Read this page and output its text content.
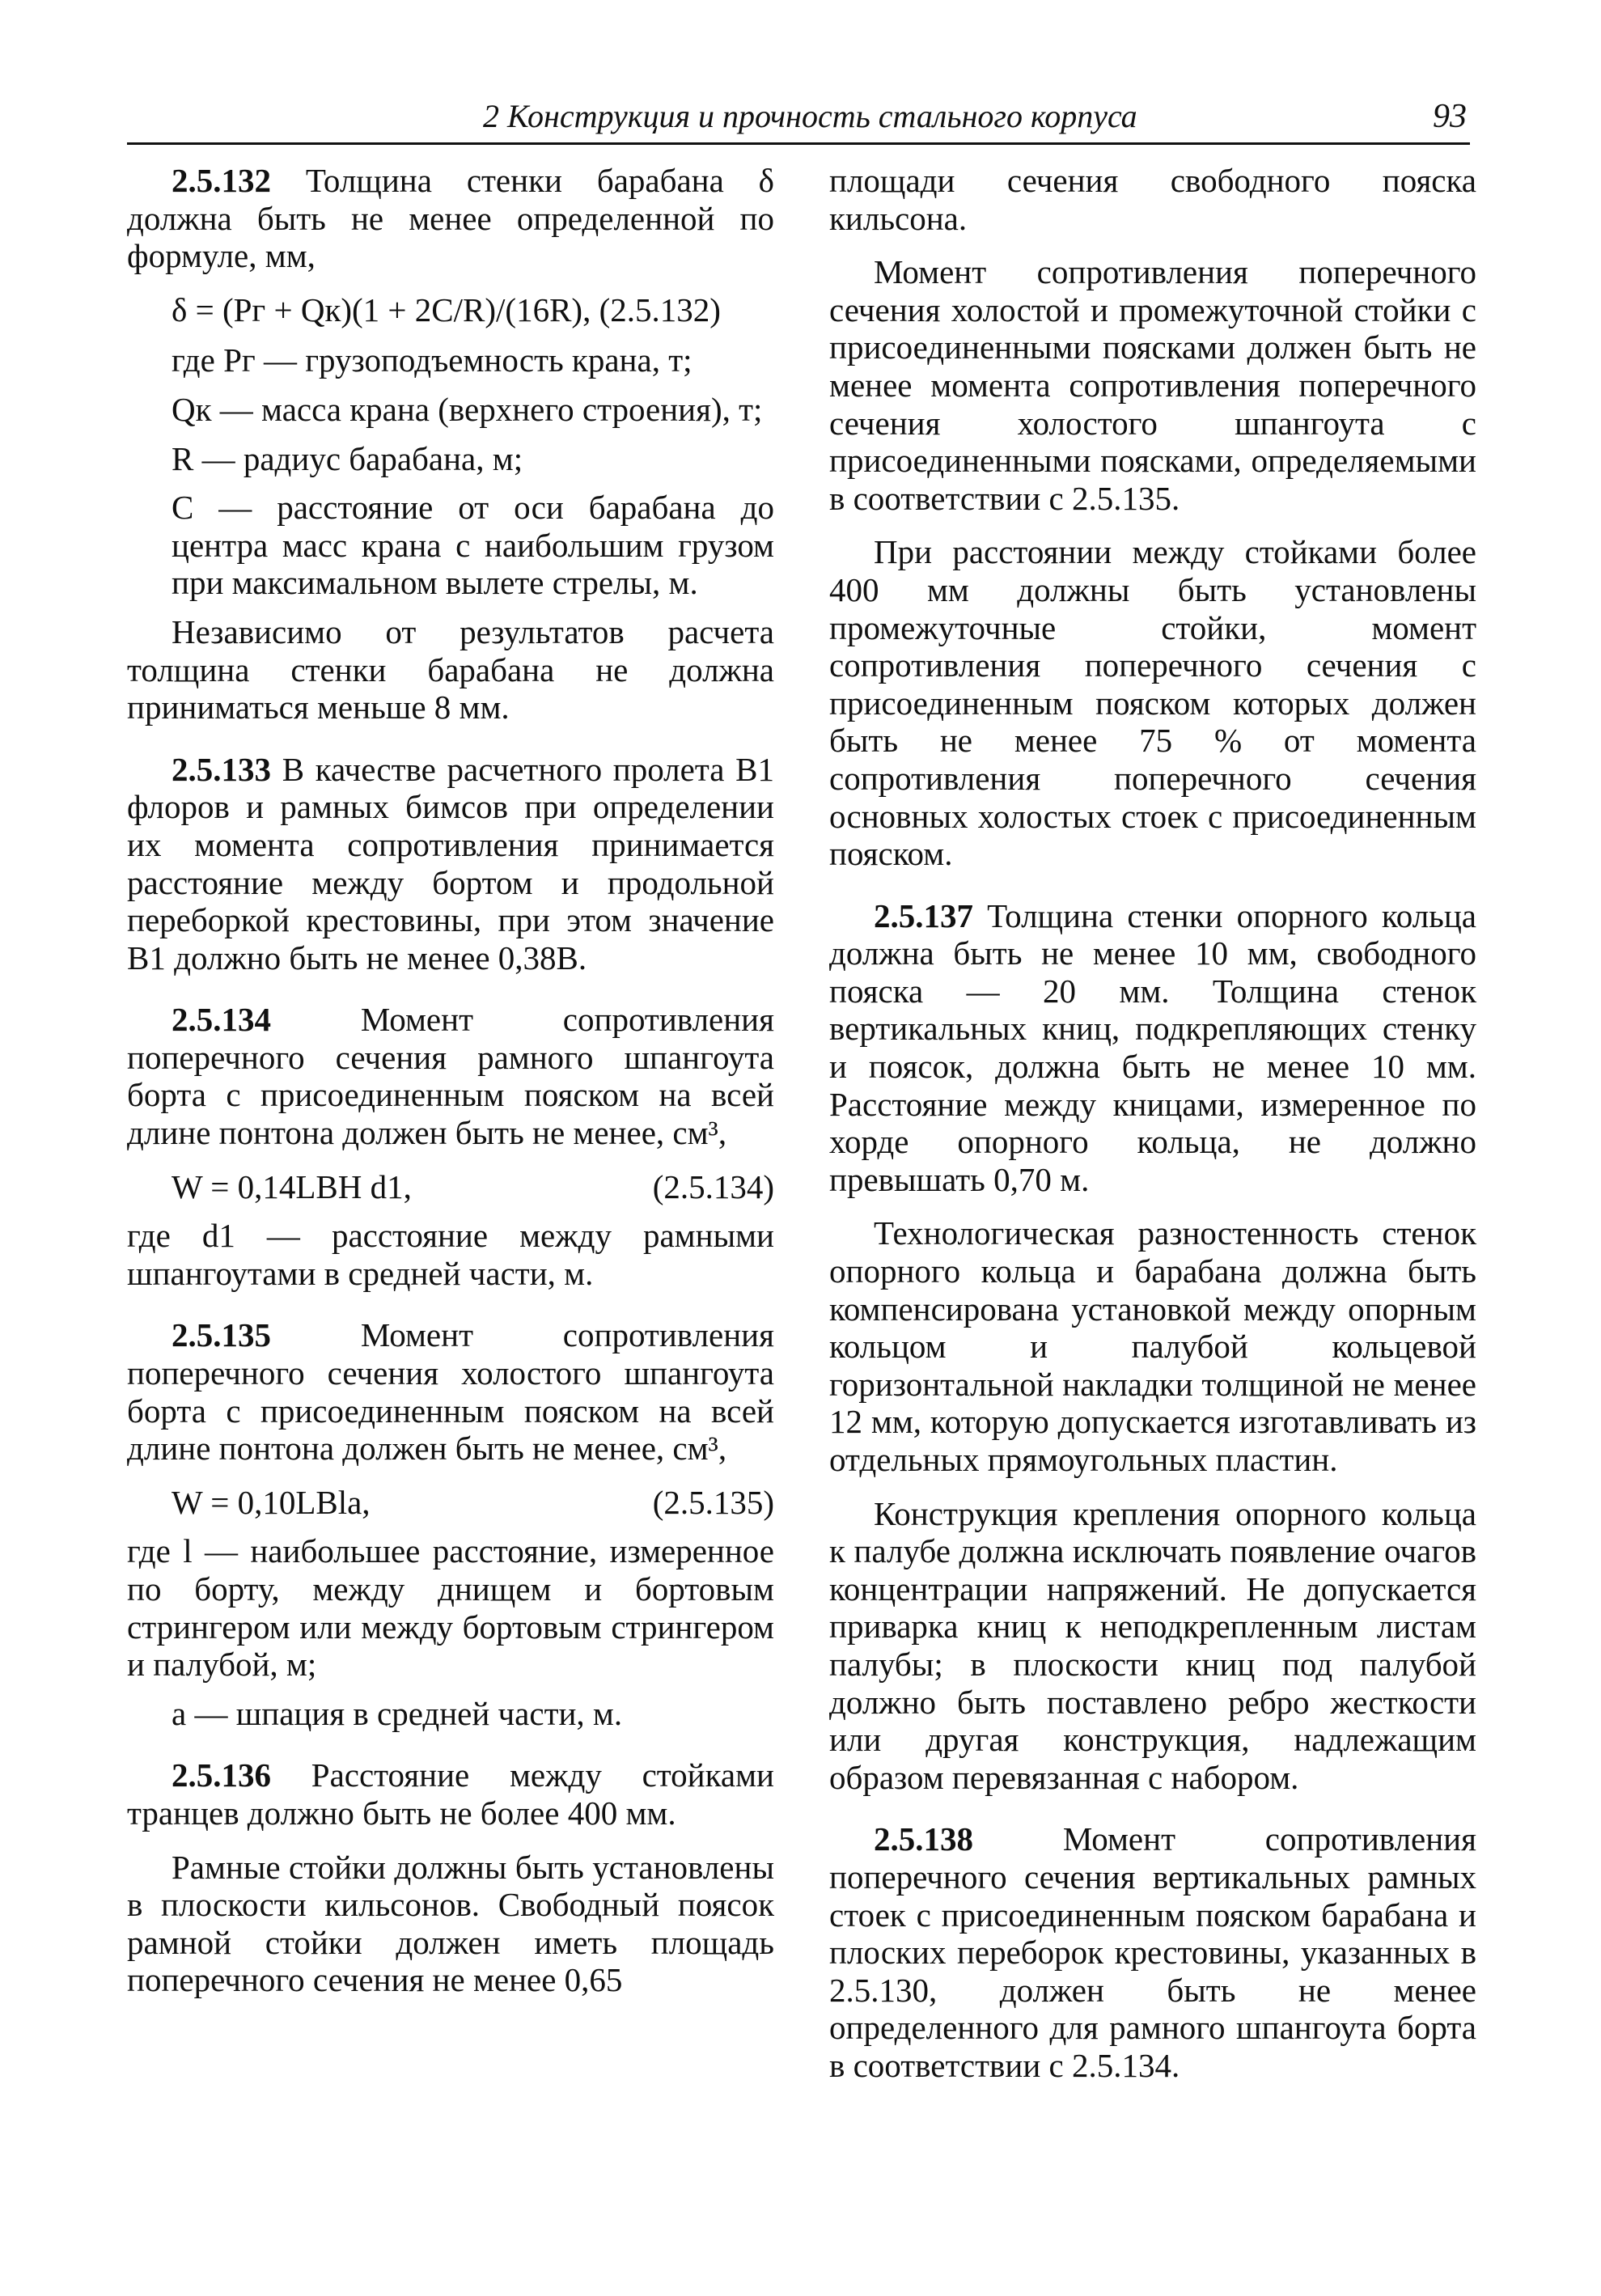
2 Конструкция и прочность стального корпуса	93

2.5.132 Толщина стенки барабана δ должна быть не менее определенной по формуле, мм,

δ = (Pг + Qк)(1 + 2C/R)/(16R), (2.5.132)

где Pг — грузоподъемность крана, т;

Qк — масса крана (верхнего строения), т;

R — радиус барабана, м;

C — расстояние от оси барабана до центра масс крана с наибольшим грузом при максимальном вылете стрелы, м.

Независимо от результатов расчета толщина стенки барабана не должна приниматься меньше 8 мм.

2.5.133 В качестве расчетного пролета B1 флоров и рамных бимсов при определении их момента сопротивления принимается расстояние между бортом и продольной переборкой крестовины, при этом значение B1 должно быть не менее 0,38B.

2.5.134 Момент сопротивления поперечного сечения рамного шпангоута борта с присоединенным пояском на всей длине понтона должен быть не менее, см³,

W = 0,14LBH d1,	(2.5.134)

где d1 — расстояние между рамными шпангоутами в средней части, м.

2.5.135 Момент сопротивления поперечного сечения холостого шпангоута борта с присоединенным пояском на всей длине понтона должен быть не менее, см³,

W = 0,10LBla,	(2.5.135)

где l — наибольшее расстояние, измеренное по борту, между днищем и бортовым стрингером или между бортовым стрингером и палубой, м;

a — шпация в средней части, м.

2.5.136 Расстояние между стойками транцев должно быть не более 400 мм.

Рамные стойки должны быть установлены в плоскости кильсонов. Свободный поясок рамной стойки должен иметь площадь поперечного сечения не менее 0,65

площади сечения свободного пояска кильсона.

Момент сопротивления поперечного сечения холостой и промежуточной стойки с присоединенными поясками должен быть не менее момента сопротивления поперечного сечения холостого шпангоута с присоединенными поясками, определяемыми в соответствии с 2.5.135.

При расстоянии между стойками более 400 мм должны быть установлены промежуточные стойки, момент сопротивления поперечного сечения с присоединенным пояском которых должен быть не менее 75 % от момента сопротивления поперечного сечения основных холостых стоек с присоединенным пояском.

2.5.137 Толщина стенки опорного кольца должна быть не менее 10 мм, свободного пояска — 20 мм. Толщина стенок вертикальных книц, подкрепляющих стенку и поясок, должна быть не менее 10 мм. Расстояние между кницами, измеренное по хорде опорного кольца, не должно превышать 0,70 м.

Технологическая разностенность стенок опорного кольца и барабана должна быть компенсирована установкой между опорным кольцом и палубой кольцевой горизонтальной накладки толщиной не менее 12 мм, которую допускается изготавливать из отдельных прямоугольных пластин.

Конструкция крепления опорного кольца к палубе должна исключать появление очагов концентрации напряжений. Не допускается приварка книц к неподкрепленным листам палубы; в плоскости книц под палубой должно быть поставлено ребро жесткости или другая конструкция, надлежащим образом перевязанная с набором.

2.5.138 Момент сопротивления поперечного сечения вертикальных рамных стоек с присоединенным пояском барабана и плоских переборок крестовины, указанных в 2.5.130, должен быть не менее определенного для рамного шпангоута борта в соответствии с 2.5.134.
